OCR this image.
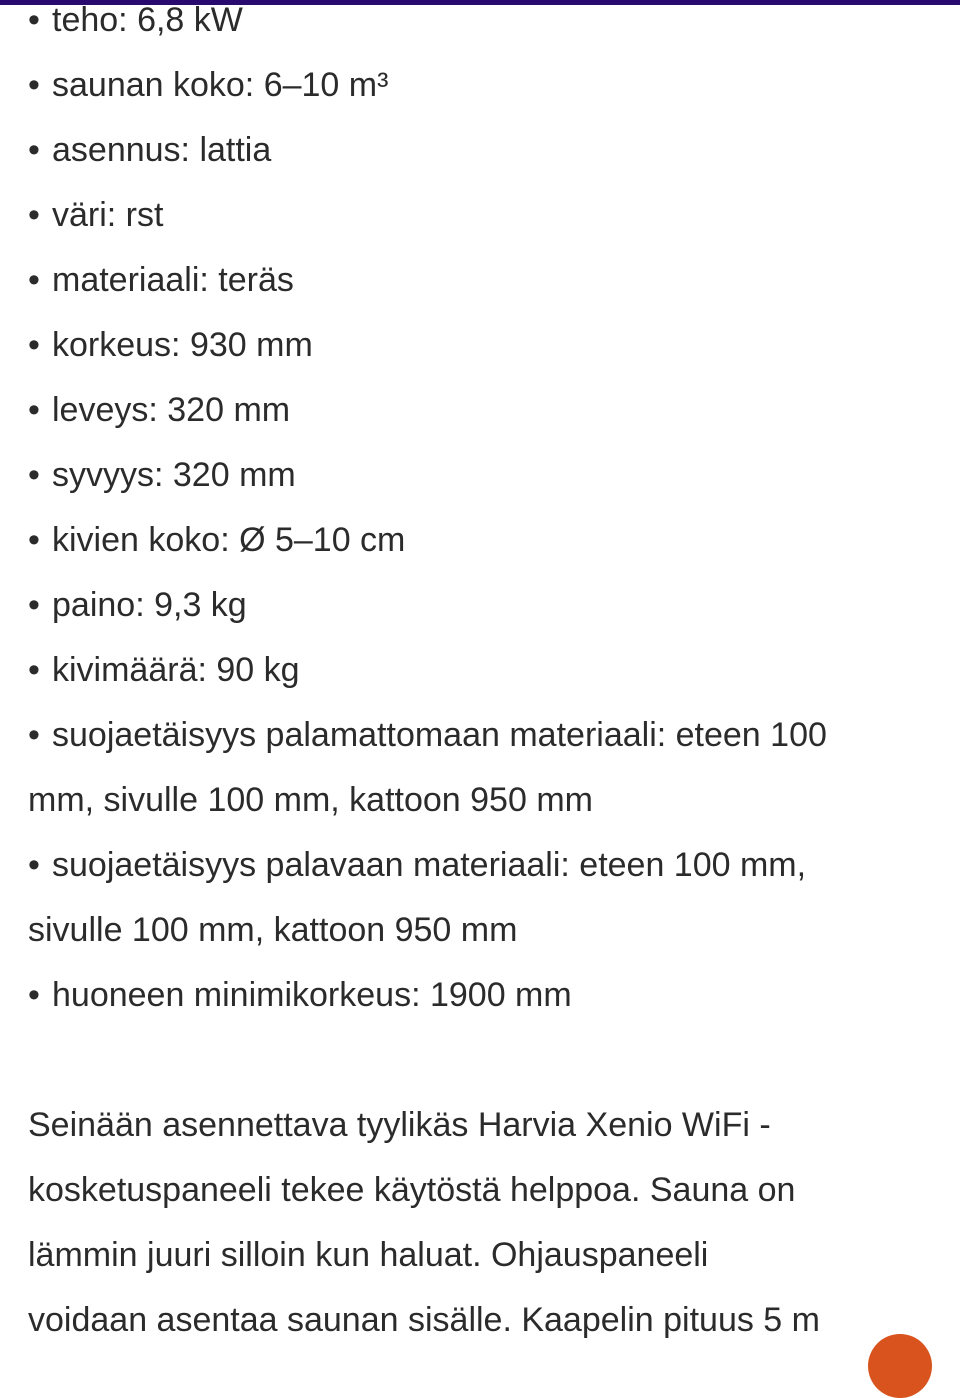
• teho: 6,8 kW
• saunan koko: 6–10 m³
• asennus: lattia
• väri: rst
• materiaali: teräs
• korkeus: 930 mm
• leveys: 320 mm
• syvyys: 320 mm
• kivien koko: Ø 5–10 cm
• paino: 9,3 kg
• kivimäärä: 90 kg
• suojaetäisyys palamattomaan materiaali: eteen 100
mm, sivulle 100 mm, kattoon 950 mm
• suojaetäisyys palavaan materiaali: eteen 100 mm,
sivulle 100 mm, kattoon 950 mm
• huoneen minimikorkeus: 1900 mm
Seinään asennettava tyylikäs Harvia Xenio WiFi -
kosketuspaneeli tekee käytöstä helppoa. Sauna on
lämmin juuri silloin kun haluat. Ohjauspaneeli
voidaan asentaa saunan sisälle. Kaapelin pituus 5 m
